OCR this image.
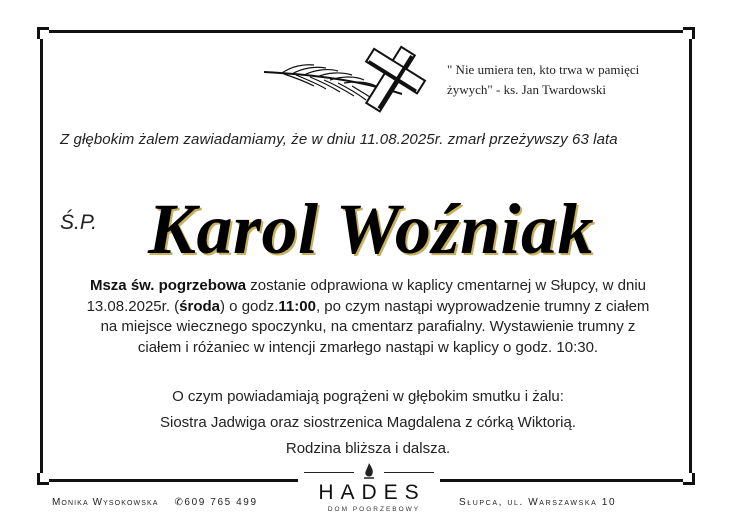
" Nie umiera ten, kto trwa w pamięci
żywych" - ks. Jan Twardowski
Z głębokim żalem zawiadamiamy, że w dniu 11.08.2025r. zmarł przeżywszy 63 lata
Ś.P. Karol Woźniak
Msza św. pogrzebowa zostanie odprawiona w kaplicy cmentarnej w Słupcy, w dniu
13.08.2025r. (środa) o godz.11:00, po czym nastąpi wyprowadzenie trumny z ciałem
na miejsce wiecznego spoczynku, na cmentarz parafialny. Wystawienie trumny z
ciałem i różaniec w intencji zmarłego nastąpi w kaplicy o godz. 10:30.
O czym powiadamiają pogrążeni w głębokim smutku i żalu:
Siostra Jadwiga oraz siostrzenica Magdalena z córką Wiktorią.
Rodzina bliższa i dalsza.
Monika Wysokowska ✆609 765 499	HADES
DOM POGRZEBOWY
Słupca, ul. Warszawska 10
